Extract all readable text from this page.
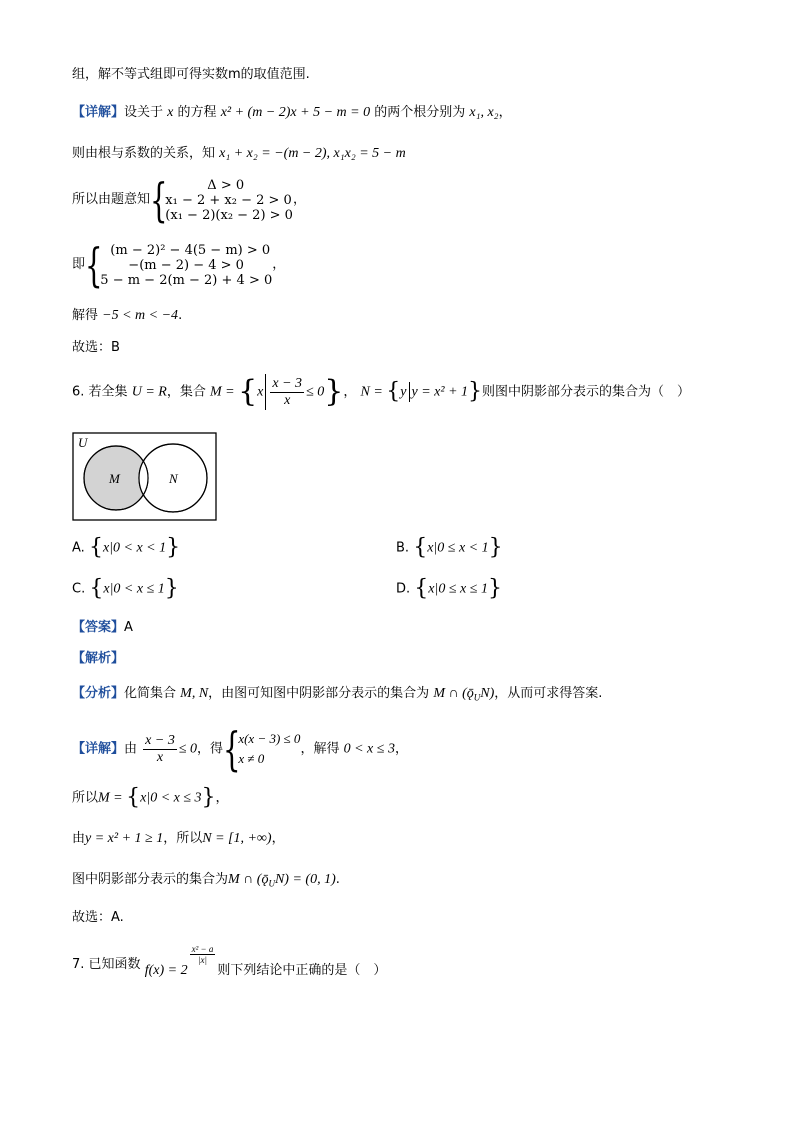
组，解不等式组即可得实数m的取值范围.
【详解】设关于 x 的方程 x² + (m − 2)x + 5 − m = 0 的两个根分别为 x₁, x₂，
则由根与系数的关系，知 x₁ + x₂ = −(m − 2), x₁x₂ = 5 − m
所以由题意知{	Δ > 0
x₁ − 2 + x₂ − 2 > 0
(x₁ − 2)(x₂ − 2) > 0
，
即{ (m − 2)² − 4(5 − m) > 0
−(m − 2) − 4 > 0
5 − m − 2(m − 2) + 4 > 0
，
解得 −5 < m < −4.
故选：B
6. 若全集 U = R，集合 $M = \{x \frac{x - 3}{x} \le 0\}$， N = {y y = x² + 1}则图中阴影部分表示的集合为（　）
U
M	N
A. {x|0 < x < 1}	B. {x|0 ≤ x < 1}
C. {x|0 < x ≤ 1}	D. {x|0 ≤ x ≤ 1}
【答案】A
【解析】
【分析】化简集合 M, N，由图可知图中阴影部分表示的集合为 M ∩ $(ǭ_UN)$，从而可求得答案.
【详解】由 $\frac{x - 3}{x} \le 0$，得{
x(x − 3) ≤ 0
x ≠ 0
，解得 0 < x ≤ 3，
所以M = {x|0 < x ≤ 3}，
由y = x² + 1 ≥ 1，所以N = [1, +∞)，
图中阴影部分表示的集合为M ∩ $(ǭ_UN) = (0$, 1).
故选：A.
7. 已知函数 f(x) = 2
$\frac{\text{x² − a}}{|x|}$
则下列结论中正确的是（　）
